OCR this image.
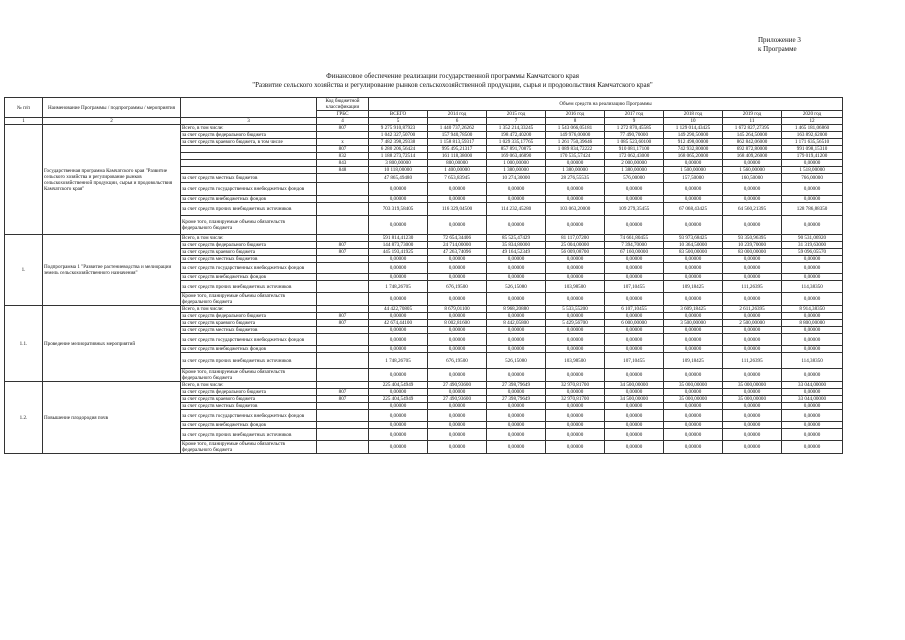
Приложение 3
к Программе
Финансовое обеспечение реализации государственной программы Камчатского края
"Развитие сельского хозяйства и регулирование рынков сельскохозяйственной продукции, сырья и продовольствия Камчатского края"
№ п/п	Наименование Программы / подпрограммы / мероприятия		Код бюджетной классификации	Объем средств на реализацию Программы							
			ГРБС	ВСЕГО	2014 год	2015 год	2016 год	2017 год	2018 год	2019 год	2020 год
1	2	3	4	5	6	7	8	9	10	11	12
	Государственная программа Камчатского края "Развитие сельского хозяйства и регулирование рынков сельскохозяйственной продукции, сырья и продовольствия Камчатского края"	Всего, в том числе:	807	9 275 910,87923	1 440 737,26262	1 352 214,33245	1 543 066,05181	1 272 870,45585	1 129 014,43425	1 672 827,27395	1 465 181,06860
		за счет средств федерального бюджета		1 042 327,50700	157 940,78500	198 472,40200	149 976,00000	77 490,70000	149 290,50000	145 264,50000	163 892,62000
		за счет средств краевого бюджета, в том числе	х	7 482 398,29338	1 158 813,59317	1 029 335,17765	1 261 750,39646	1 085 523,60100	912 498,00000	862 842,06000	1 171 635,56510
			807	6 280 206,56424	995 495,21317	857 891,70875	1 089 834,72222	910 081,17100	742 932,80000	692 872,80000	991 098,15310
			832	1 188 273,72514	161 118,38000	169 063,46890	170 535,57424	172 062,43000	168 065,20000	168 409,26000	179 019,41200
			843	3 800,00000	800,00000	1 000,00000	0,00000	2 000,00000	0,00000	0,00000	0,00000
			848	10 118,00000	1 400,00000	1 380,00000	1 380,00000	1 380,00000	1 500,00000	1 560,00000	1 518,00000
		за счет средств местных бюджетов		47 865,49480	7 653,83945	10 274,30000	28 276,55535	576,00000	157,50000	160,50000	766,00000
		за счет средств государственных внебюджетных фондов		0,00000	0,00000	0,00000	0,00000	0,00000	0,00000	0,00000	0,00000
		за счет средств внебюджетных фондов		0,00000	0,00000	0,00000	0,00000	0,00000	0,00000	0,00000	0,00000
		за счет средств прочих внебюджетных источников		703 319,58405	116 329,04500	114 232,45280	103 063,20000	109 279,35455	67 068,43425	64 560,21395	128 786,88350
		Кроме того, планируемые объемы обязательств федерального бюджета		0,00000	0,00000	0,00000	0,00000	0,00000	0,00000	0,00000	0,00000
1.	Подпрограмма 1 "Развитие растениеводства и мелиорации земель сельскохозяйственного назначения"	Всего, в том числе:		591 814,41230	72 654,34406	85 525,47429	81 117,07200	74 661,80455	93 973,68425	93 350,96395	90 531,06920
		за счет средств федерального бюджета	807	144 873,73000	24 714,00000	35 834,80000	25 004,00000	7 394,70000	10 364,50000	10 239,70000	31 319,63000
		за счет средств краевого бюджета	807	445 193,41925	47 263,74096	49 164,52349	56 009,08700	67 160,00000	83 500,00000	83 000,00000	59 096,05570
		за счет средств местных бюджетов		0,00000	0,00000	0,00000	0,00000	0,00000	0,00000	0,00000	0,00000
		за счет средств государственных внебюджетных фондов		0,00000	0,00000	0,00000	0,00000	0,00000	0,00000	0,00000	0,00000
		за счет средств внебюджетных фондов		0,00000	0,00000	0,00000	0,00000	0,00000	0,00000	0,00000	0,00000
		за счет средств прочих внебюджетных источников		1 748,26705	676,19500	526,15080	103,98500	107,10455	109,18425	111,26395	114,38350
		Кроме того, планируемые объемы обязательств федерального бюджета		0,00000	0,00000	0,00000	0,00000	0,00000	0,00000	0,00000	0,00000
1.1.	Проведение мелиоративных мероприятий	Всего, в том числе:		44 422,70805	8 679,01100	8 968,20880	5 533,55200	6 107,10455	3 609,18425	2 611,26395	8 914,38350
		за счет средств федерального бюджета	807	0,00000	0,00000	0,00000	0,00000	0,00000	0,00000	0,00000	0,00000
		за счет средств краевого бюджета	807	42 674,44100	8 002,81600	8 442,05800	5 429,56700	6 000,00000	3 500,00000	2 500,00000	8 800,00000
		за счет средств местных бюджетов		0,00000	0,00000	0,00000	0,00000	0,00000	0,00000	0,00000	0,00000
		за счет средств государственных внебюджетных фондов		0,00000	0,00000	0,00000	0,00000	0,00000	0,00000	0,00000	0,00000
		за счет средств внебюджетных фондов		0,00000	0,00000	0,00000	0,00000	0,00000	0,00000	0,00000	0,00000
		за счет средств прочих внебюджетных источников		1 748,26705	676,19500	526,15080	103,98500	107,10455	109,18425	111,26395	114,38350
		Кроме того, планируемые объемы обязательств федерального бюджета		0,00000	0,00000	0,00000	0,00000	0,00000	0,00000	0,00000	0,00000
1.2.	Повышение плодородия почв	Всего, в том числе:		225 404,54949	27 490,93600	27 398,79649	32 970,81700	34 500,00000	35 000,00000	35 000,00000	33 044,00000
		за счет средств федерального бюджета	807	0,00000	0,00000	0,00000	0,00000	0,00000	0,00000	0,00000	0,00000
		за счет средств краевого бюджета	807	225 404,54949	27 490,93600	27 398,79649	32 970,81700	34 500,00000	35 000,00000	35 000,00000	33 044,00000
		за счет средств местных бюджетов		0,00000	0,00000	0,00000	0,00000	0,00000	0,00000	0,00000	0,00000
		за счет средств государственных внебюджетных фондов		0,00000	0,00000	0,00000	0,00000	0,00000	0,00000	0,00000	0,00000
		за счет средств внебюджетных фондов		0,00000	0,00000	0,00000	0,00000	0,00000	0,00000	0,00000	0,00000
		за счет средств прочих внебюджетных источников		0,00000	0,00000	0,00000	0,00000	0,00000	0,00000	0,00000	0,00000
		Кроме того, планируемые объемы обязательств федерального бюджета		0,00000	0,00000	0,00000	0,00000	0,00000	0,00000	0,00000	0,00000
